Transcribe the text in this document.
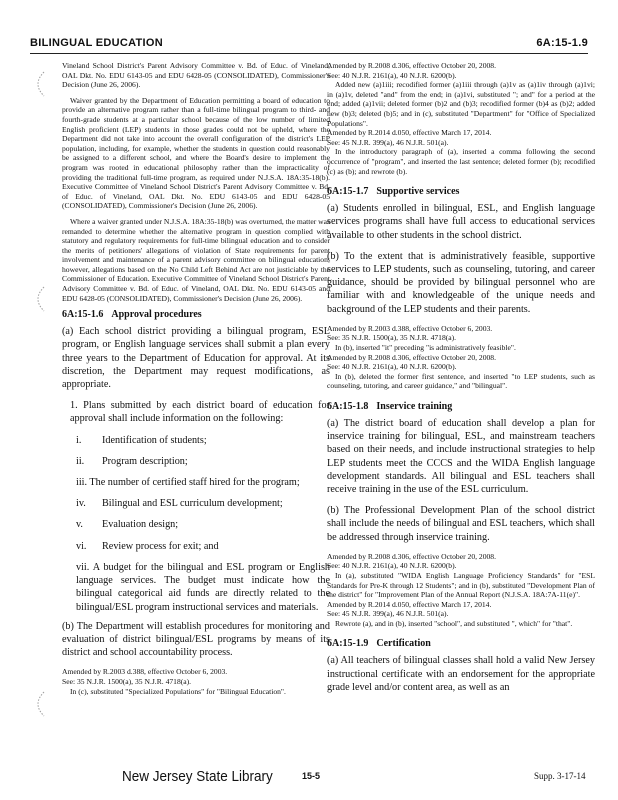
BILINGUAL EDUCATION	6A:15-1.9

Vineland School District's Parent Advisory Committee v. Bd. of Educ. of Vineland, OAL Dkt. No. EDU 6143-05 and EDU 6428-05 (CONSOLIDATED), Commissioner's Decision (June 26, 2006).

Waiver granted by the Department of Education permitting a board of education to provide an alternative program rather than a full-time bilingual program to third- and fourth-grade students at a particular school because of the low number of limited English proficient (LEP) students in those grades could not be upheld, where the Department did not take into account the overall configuration of the district's LEP population, including, for example, whether the students in question could reasonably be assigned to a different school, and where the Board's desire to implement the program was rooted in educational philosophy rather than the impracticality of providing the traditional full-time program, as required under N.J.S.A. 18A:35-18(b). Executive Committee of Vineland School District's Parent Advisory Committee v. Bd. of Educ. of Vineland, OAL Dkt. No. EDU 6143-05 and EDU 6428-05 (CONSOLIDATED), Commissioner's Decision (June 26, 2006).

Where a waiver granted under N.J.S.A. 18A:35-18(b) was overturned, the matter was remanded to determine whether the alternative program in question complied with statutory and regulatory requirements for full-time bilingual education and to consider the merits of petitioners' allegations of violation of State requirements for parent involvement and maintenance of a parent advisory committee on bilingual education; however, allegations based on the No Child Left Behind Act are not justiciable by the Commissioner of Education. Executive Committee of Vineland School District's Parent Advisory Committee v. Bd. of Educ. of Vineland, OAL Dkt. No. EDU 6143-05 and EDU 6428-05 (CONSOLIDATED), Commissioner's Decision (June 26, 2006).

6A:15-1.6 Approval procedures

(a) Each school district providing a bilingual program, ESL program, or English language services shall submit a plan every three years to the Department of Education for approval. At its discretion, the Department may request modifications, as appropriate.

1. Plans submitted by each district board of education for approval shall include information on the following:

i. Identification of students;

ii. Program description;

iii. The number of certified staff hired for the program;

iv. Bilingual and ESL curriculum development;

v. Evaluation design;

vi. Review process for exit; and

vii. A budget for the bilingual and ESL program or English language services. The budget must indicate how the bilingual categorical aid funds are directly related to the bilingual/ESL program instructional services and materials.

(b) The Department will establish procedures for monitoring and evaluation of district bilingual/ESL programs by means of its district and school accountability process.

Amended by R.2003 d.388, effective October 6, 2003.

See: 35 N.J.R. 1500(a), 35 N.J.R. 4718(a).

In (c), substituted "Specialized Populations" for "Bilingual Education".

Amended by R.2008 d.306, effective October 20, 2008.

See: 40 N.J.R. 2161(a), 40 N.J.R. 6200(b).

Added new (a)1iii; recodified former (a)1iii through (a)1v as (a)1iv through (a)1vi; in (a)1v, deleted "and" from the end; in (a)1vi, substituted "; and" for a period at the end; added (a)1vii; deleted former (b)2 and (b)3; recodified former (b)4 as (b)2; added new (b)3; deleted (b)5; and in (c), substituted "Department" for "Office of Specialized Populations".

Amended by R.2014 d.050, effective March 17, 2014.

See: 45 N.J.R. 399(a), 46 N.J.R. 501(a).

In the introductory paragraph of (a), inserted a comma following the second occurrence of "program", and inserted the last sentence; deleted former (b); recodified (c) as (b); and rewrote (b).

6A:15-1.7 Supportive services

(a) Students enrolled in bilingual, ESL, and English language services programs shall have full access to educational services available to other students in the school district.

(b) To the extent that is administratively feasible, supportive services to LEP students, such as counseling, tutoring, and career guidance, should be provided by bilingual personnel who are familiar with and knowledgeable of the unique needs and background of the LEP students and their parents.

Amended by R.2003 d.388, effective October 6, 2003.

See: 35 N.J.R. 1500(a), 35 N.J.R. 4718(a).

In (b), inserted "it" preceding "is administratively feasible".

Amended by R.2008 d.306, effective October 20, 2008.

See: 40 N.J.R. 2161(a), 40 N.J.R. 6200(b).

In (b), deleted the former first sentence, and inserted "to LEP students, such as counseling, tutoring, and career guidance," and "bilingual".

6A:15-1.8 Inservice training

(a) The district board of education shall develop a plan for inservice training for bilingual, ESL, and mainstream teachers based on their needs, and include instructional strategies to help LEP students meet the CCCS and the WIDA English language development standards. All bilingual and ESL teachers shall receive training in the use of the ESL curriculum.

(b) The Professional Development Plan of the school district shall include the needs of bilingual and ESL teachers, which shall be addressed through inservice training.

Amended by R.2008 d.306, effective October 20, 2008.

See: 40 N.J.R. 2161(a), 40 N.J.R. 6200(b).

In (a), substituted "WIDA English Language Proficiency Standards" for "ESL Standards for Pre-K through 12 Students"; and in (b), substituted "Development Plan of the district" for "Improvement Plan of the Annual Report (N.J.S.A. 18A:7A-11(e)".

Amended by R.2014 d.050, effective March 17, 2014.

See: 45 N.J.R. 399(a), 46 N.J.R. 501(a).

Rewrote (a), and in (b), inserted "school", and substituted ", which" for "that".

6A:15-1.9 Certification

(a) All teachers of bilingual classes shall hold a valid New Jersey instructional certificate with an endorsement for the appropriate grade level and/or content area, as well as an

New Jersey State Library	15-5	Supp. 3-17-14
